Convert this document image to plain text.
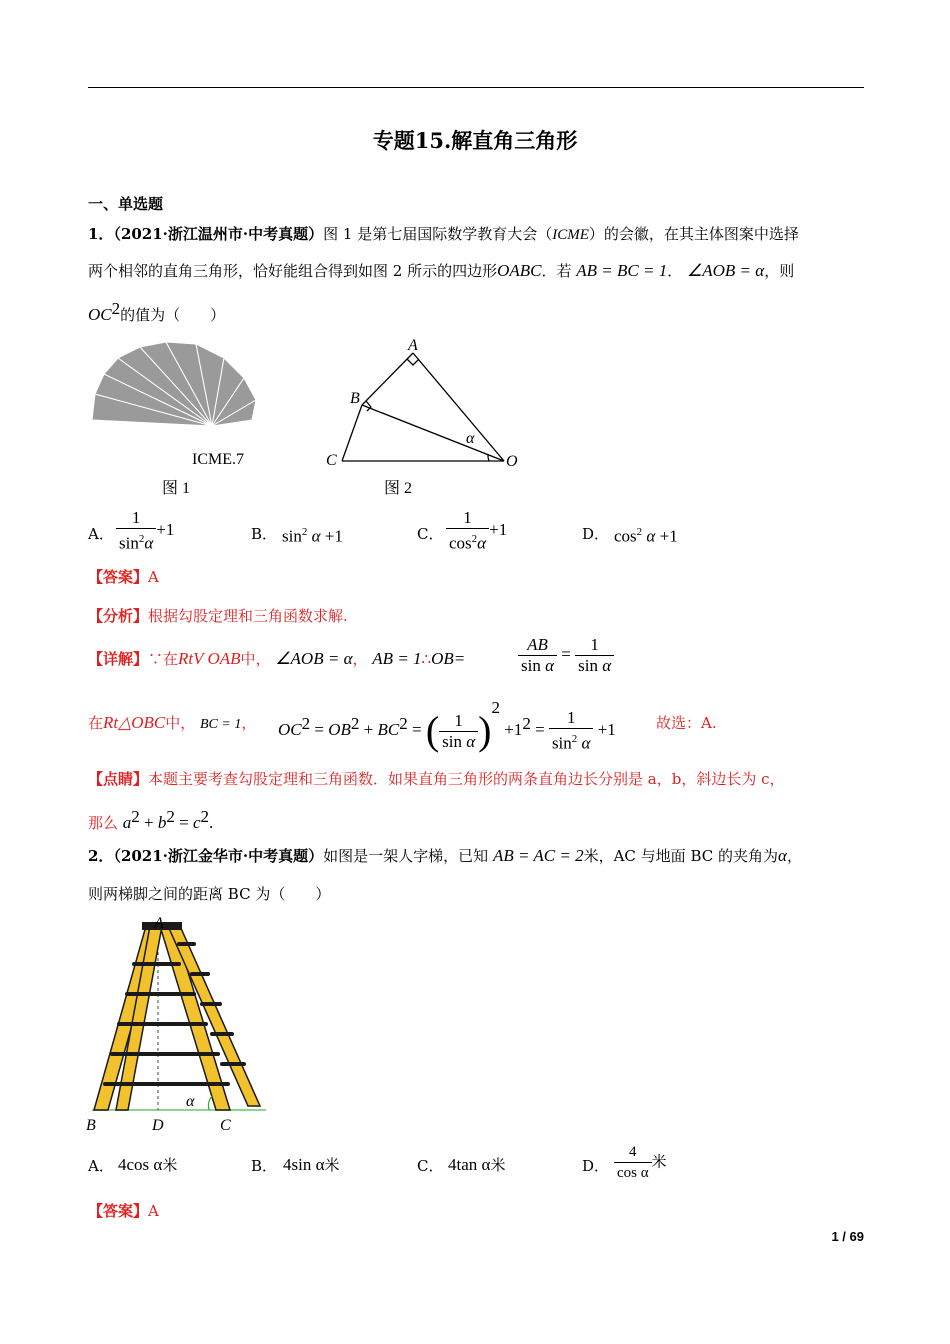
专题15.解直角三角形
一、单选题
1．（2021·浙江温州市·中考真题）图 1 是第七届国际数学教育大会（ICME）的会徽，在其主体图案中选择
两个相邻的直角三角形，恰好能组合得到如图 2 所示的四边形OABC．若 AB = BC = 1． ∠AOB = α，则
$OC^2$的值为（　　）
ICME.7
图 1
A
B
C	O
α
图 2
A． $\frac{1}{\sin^2\alpha} +1$	B． $\sin^2 \alpha +1$	C． $\frac{1}{\cos^2\alpha} +1$	D． $\cos^2 \alpha +1$
【答案】A
【分析】根据勾股定理和三角函数求解.
【详解】∵在RtV OAB中， ∠AOB = α， AB = 1∴OB=	$\frac{AB}{\text{sin α}} = \frac{1}{\text{sin α}}$
在Rt△OBC中， BC = 1， $OC^2 = OB^2 + BC^2$ = ( $\frac{1}{\text{sin α}} )^2 +1^2 = \frac{1}{\sin^2 \alpha} +1$	故选：A.
【点睛】本题主要考查勾股定理和三角函数．如果直角三角形的两条直角边长分别是 a，b，斜边长为 c，
那么 $a^2 + b^2 = c^2$.
2．（2021·浙江金华市·中考真题）如图是一架人字梯，已知 AB = AC = 2米，AC 与地面 BC 的夹角为α，
则两梯脚之间的距离 BC 为（　　）
A
B	D	C
α
A． 4cos α米	B． 4sin α米	C． 4tan α米	D． $\frac{4}{\text{cos α}}$ 米
【答案】A
1 / 69
